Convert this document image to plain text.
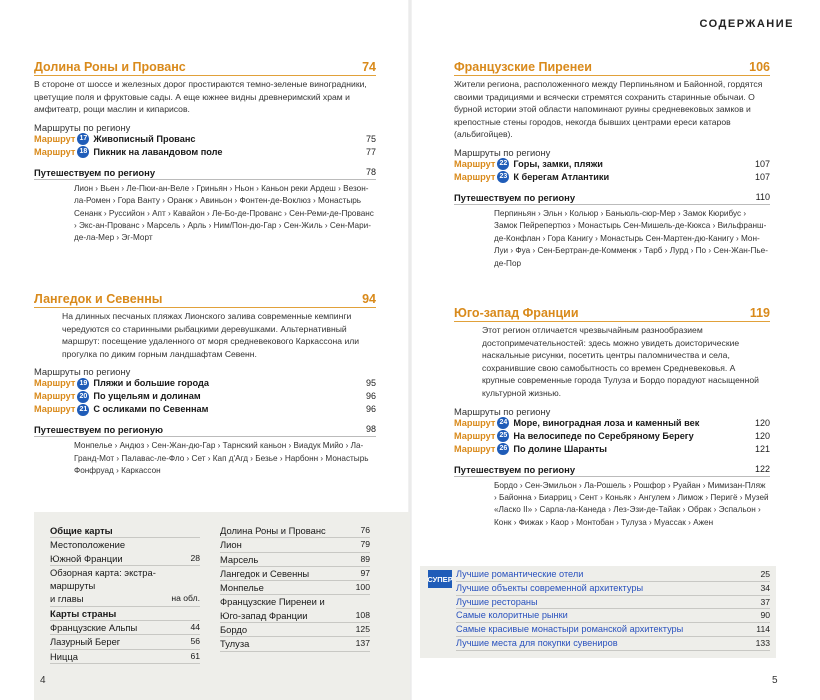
СОДЕРЖАНИЕ
Долина Роны и Прованс	74
В стороне от шоссе и железных дорог простираются темно-зеленые виноградники, цветущие поля и фруктовые сады. А еще южнее видны древнеримский храм и амфитеатр, рощи маслин и кипарисов.
Маршруты по региону
Маршрут 17 Живописный Прованс	75
Маршрут 18 Пикник на лавандовом поле	77
Путешествуем по региону	78
Лион › Вьен › Ле-Пюи-ан-Веле › Гриньян › Ньон › Каньон реки Ардеш › Везон-ла-Ромен › Гора Ванту › Оранж › Авиньон › Фонтен-де-Воклюз › Монастырь Сенанк › Руссийон › Апт › Кавайон › Ле-Бо-де-Прованс › Сен-Реми-де-Прованс › Экс-ан-Прованс › Марсель › Арль › Ним/Пон-дю-Гар › Сен-Жиль › Сен-Мари-де-ла-Мер › Эг-Морт
Лангедок и Севенны	94
На длинных песчаных пляжах Лионского залива современные кемпинги чередуются со старинными рыбацкими деревушками. Альтернативный маршрут: посещение удаленного от моря средневекового Каркассона или прогулка по диким горным ландшафтам Севенн.
Маршруты по региону
Маршрут 19 Пляжи и большие города	95
Маршрут 20 По ущельям и долинам	96
Маршрут 21 С осликами по Севеннам	96
Путешествуем по регионую	98
Монпелье › Андюз › Сен-Жан-дю-Гар › Тарнский каньон › Виадук Мийо › Ла-Гранд-Мот › Палавас-ле-Фло › Сет › Кап д'Агд › Безье › Нарбонн › Монастырь Фонфруад › Каркассон
Общие карты
Местоположение
Южной Франции	28
Обзорная карта: экстра-маршруты
и главы	на обл.
Карты страны
Французские Альпы	44
Лазурный Берег	56
Ницца	61
Долина Роны и Прованс	76
Лион	79
Марсель	89
Лангедок и Севенны	97
Монпелье	100
Французские Пиренеи и
Юго-запад Франции	108
Бордо	125
Тулуза	137
Французские Пиренеи	106
Жители региона, расположенного между Перпиньяном и Байонной, гордятся своими традициями и всячески стремятся сохранить старинные обычаи. О бурной истории этой области напоминают руины средневековых замков и крепостные стены городов, некогда бывших центрами ереси катаров (альбигойцев).
Маршруты по региону
Маршрут 22 Горы, замки, пляжи	107
Маршрут 23 К берегам Атлантики	107
Путешествуем по региону	110
Перпиньян › Эльн › Кольюр › Баньюль-сюр-Мер › Замок Кюрибус › Замок Пейрепертюз › Монастырь Сен-Мишель-де-Кюкса › Вильфранш-де-Конфлан › Гора Канигу › Монастырь Сен-Мартен-дю-Канигу › Мон-Луи › Фуа › Сен-Бертран-де-Комменж › Тарб › Лурд › По › Сен-Жан-Пье-де-Пор
Юго-запад Франции	119
Этот регион отличается чрезвычайным разнообразием достопримечательностей: здесь можно увидеть доисторические наскальные рисунки, посетить центры паломничества и села, сохранившие свою самобытность со времен Средневековья. А крупные современные города Тулуза и Бордо порадуют насыщенной культурной жизнью.
Маршруты по региону
Маршрут 24 Море, виноградная лоза и каменный век	120
Маршрут 25 На велосипеде по Серебряному Берегу	120
Маршрут 26 По долине Шаранты	121
Путешествуем по региону	122
Бордо › Сен-Эмильон › Ла-Рошель › Рошфор › Руайан › Мимизан-Пляж › Байонна › Биарриц › Сент › Коньяк › Ангулем › Лимож › Перигё › Музей «Ласко II» › Сарла-ла-Канеда › Лез-Эзи-де-Тайак › Обрак › Эспальон › Конк › Фижак › Каор › Монтобан › Тулуза › Муассак › Ажен
СУПЕР Лучшие романтические отели	25
Лучшие объекты современной архитектуры	34
Лучшие рестораны	37
Самые колоритные рынки	90
Самые красивые монастыри романской архитектуры	114
Лучшие места для покупки сувениров	133
4	5
